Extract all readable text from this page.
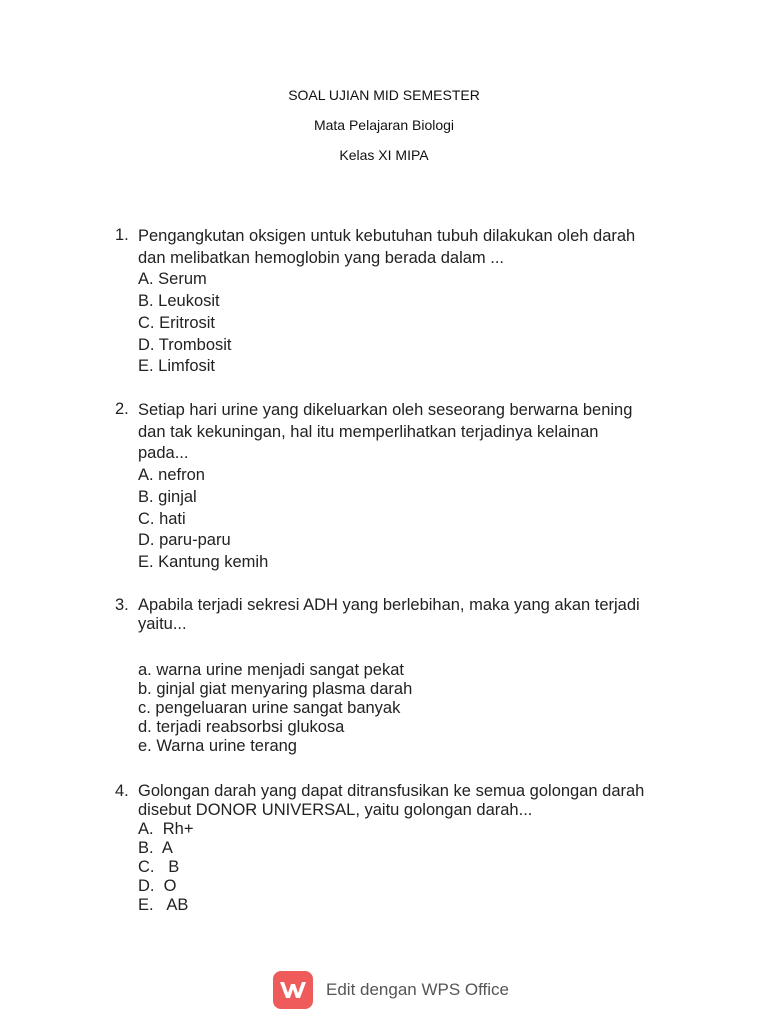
SOAL UJIAN MID SEMESTER
Mata Pelajaran Biologi
Kelas XI MIPA
1. Pengangkutan oksigen untuk kebutuhan tubuh dilakukan oleh darah
dan melibatkan hemoglobin yang berada dalam ...
A. Serum
B. Leukosit
C. Eritrosit
D. Trombosit
E. Limfosit
2. Setiap hari urine yang dikeluarkan oleh seseorang berwarna bening
dan tak kekuningan, hal itu memperlihatkan terjadinya kelainan
pada...
A. nefron
B. ginjal
C. hati
D. paru-paru
E. Kantung kemih
3. Apabila terjadi sekresi ADH yang berlebihan, maka yang akan terjadi
yaitu...
a. warna urine menjadi sangat pekat
b. ginjal giat menyaring plasma darah
c. pengeluaran urine sangat banyak
d. terjadi reabsorbsi glukosa
e. Warna urine terang
4. Golongan darah yang dapat ditransfusikan ke semua golongan darah
disebut DONOR UNIVERSAL, yaitu golongan darah...
A.  Rh+
B.  A
C.   B
D.  O
E.   AB
Edit dengan WPS Office
